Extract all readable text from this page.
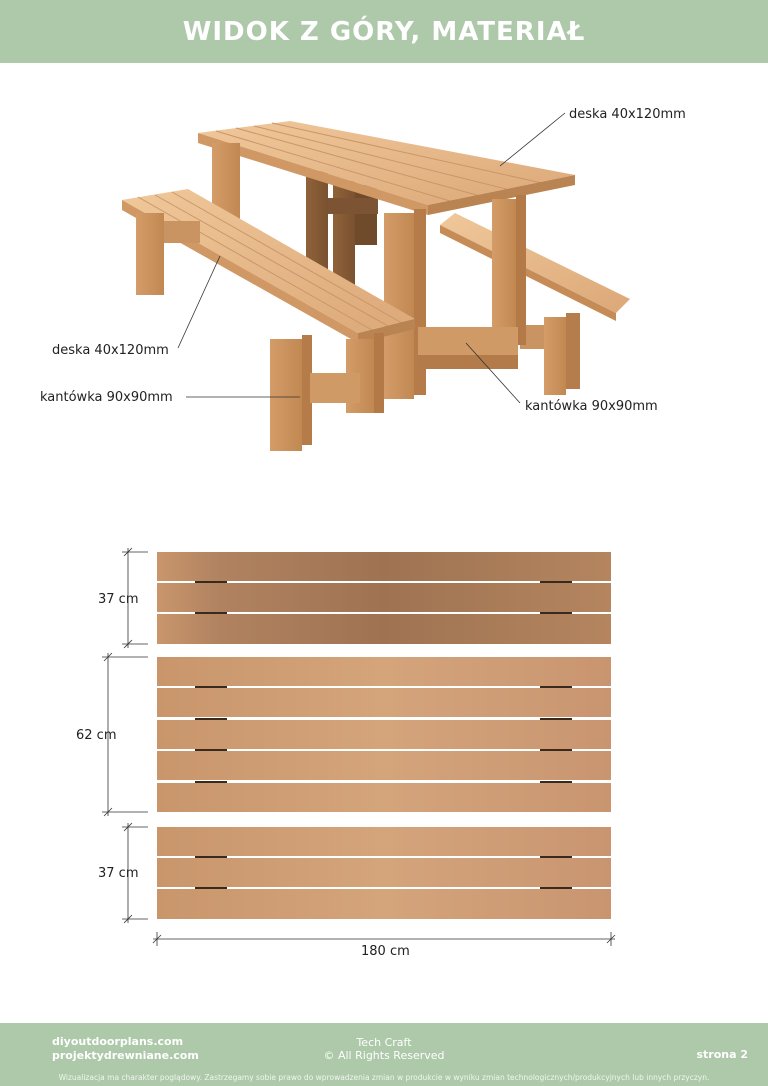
WIDOK Z GÓRY, MATERIAŁ
deska 40x120mm
deska 40x120mm
kantówka 90x90mm
kantówka 90x90mm
37 cm
62 cm
37 cm
180 cm
diyoutdoorplans.com
projektydrewniane.com
Tech Craft
© All Rights Reserved	strona 2
Wizualizacja ma charakter poglądowy. Zastrzegamy sobie prawo do wprowadzenia zmian w produkcie w wyniku zmian technologicznych/produkcyjnych lub innych przyczyn.
